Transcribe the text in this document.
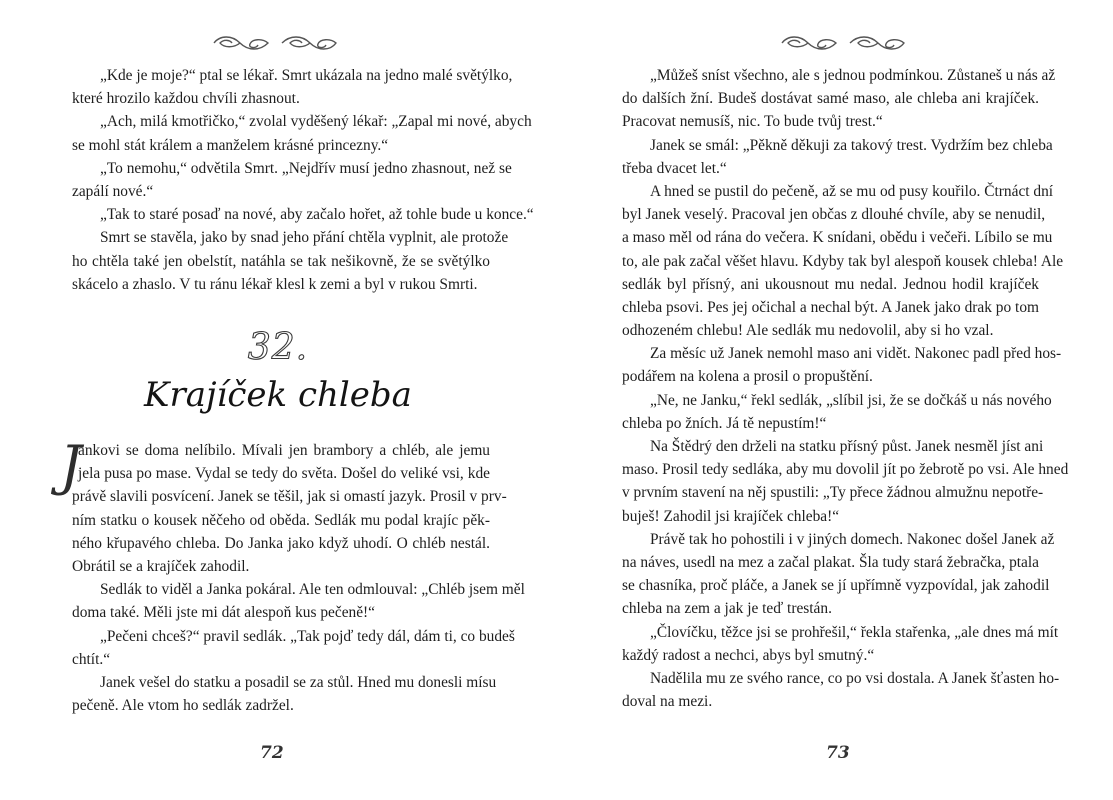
„Kde je moje?“ ptal se lékař. Smrt ukázala na jedno malé světýlko,
které hrozilo každou chvíli zhasnout.
„Ach, milá kmotřičko,“ zvolal vyděšený lékař: „Zapal mi nové, abych
se mohl stát králem a manželem krásné princezny.“
„To nemohu,“ odvětila Smrt. „Nejdřív musí jedno zhasnout, než se
zapálí nové.“
„Tak to staré posaď na nové, aby začalo hořet, až tohle bude u konce.“
Smrt se stavěla, jako by snad jeho přání chtěla vyplnit, ale protože
ho chtěla také jen obelstít, natáhla se tak nešikovně, že se světýlko
skácelo a zhaslo. V tu ránu lékař klesl k zemi a byl v rukou Smrti.
32.
Krajíček chleba
J
ankovi se doma nelíbilo. Mívali jen brambory a chléb, ale jemu
jela pusa po mase. Vydal se tedy do světa. Došel do veliké vsi, kde
právě slavili posvícení. Janek se těšil, jak si omastí jazyk. Prosil v prv-
ním statku o kousek něčeho od oběda. Sedlák mu podal krajíc pěk-
ného křupavého chleba. Do Janka jako když uhodí. O chléb nestál.
Obrátil se a krajíček zahodil.
Sedlák to viděl a Janka pokáral. Ale ten odmlouval: „Chléb jsem měl
doma také. Měli jste mi dát alespoň kus pečeně!“
„Pečeni chceš?“ pravil sedlák. „Tak pojď tedy dál, dám ti, co budeš
chtít.“
Janek vešel do statku a posadil se za stůl. Hned mu donesli mísu
pečeně. Ale vtom ho sedlák zadržel.
72
„Můžeš sníst všechno, ale s jednou podmínkou. Zůstaneš u nás až
do dalších žní. Budeš dostávat samé maso, ale chleba ani krajíček.
Pracovat nemusíš, nic. To bude tvůj trest.“
Janek se smál: „Pěkně děkuji za takový trest. Vydržím bez chleba
třeba dvacet let.“
A hned se pustil do pečeně, až se mu od pusy kouřilo. Čtrnáct dní
byl Janek veselý. Pracoval jen občas z dlouhé chvíle, aby se nenudil,
a maso měl od rána do večera. K snídani, obědu i večeři. Líbilo se mu
to, ale pak začal věšet hlavu. Kdyby tak byl alespoň kousek chleba! Ale
sedlák byl přísný, ani ukousnout mu nedal. Jednou hodil krajíček
chleba psovi. Pes jej očichal a nechal být. A Janek jako drak po tom
odhozeném chlebu! Ale sedlák mu nedovolil, aby si ho vzal.
Za měsíc už Janek nemohl maso ani vidět. Nakonec padl před hos-
podářem na kolena a prosil o propuštění.
„Ne, ne Janku,“ řekl sedlák, „slíbil jsi, že se dočkáš u nás nového
chleba po žních. Já tě nepustím!“
Na Štědrý den drželi na statku přísný půst. Janek nesměl jíst ani
maso. Prosil tedy sedláka, aby mu dovolil jít po žebrotě po vsi. Ale hned
v prvním stavení na něj spustili: „Ty přece žádnou almužnu nepotře-
buješ! Zahodil jsi krajíček chleba!“
Právě tak ho pohostili i v jiných domech. Nakonec došel Janek až
na náves, usedl na mez a začal plakat. Šla tudy stará žebračka, ptala
se chasníka, proč pláče, a Janek se jí upřímně vyzpovídal, jak zahodil
chleba na zem a jak je teď trestán.
„Človíčku, těžce jsi se prohřešil,“ řekla stařenka, „ale dnes má mít
každý radost a nechci, abys byl smutný.“
Nadělila mu ze svého rance, co po vsi dostala. A Janek šťasten ho-
doval na mezi.
73
